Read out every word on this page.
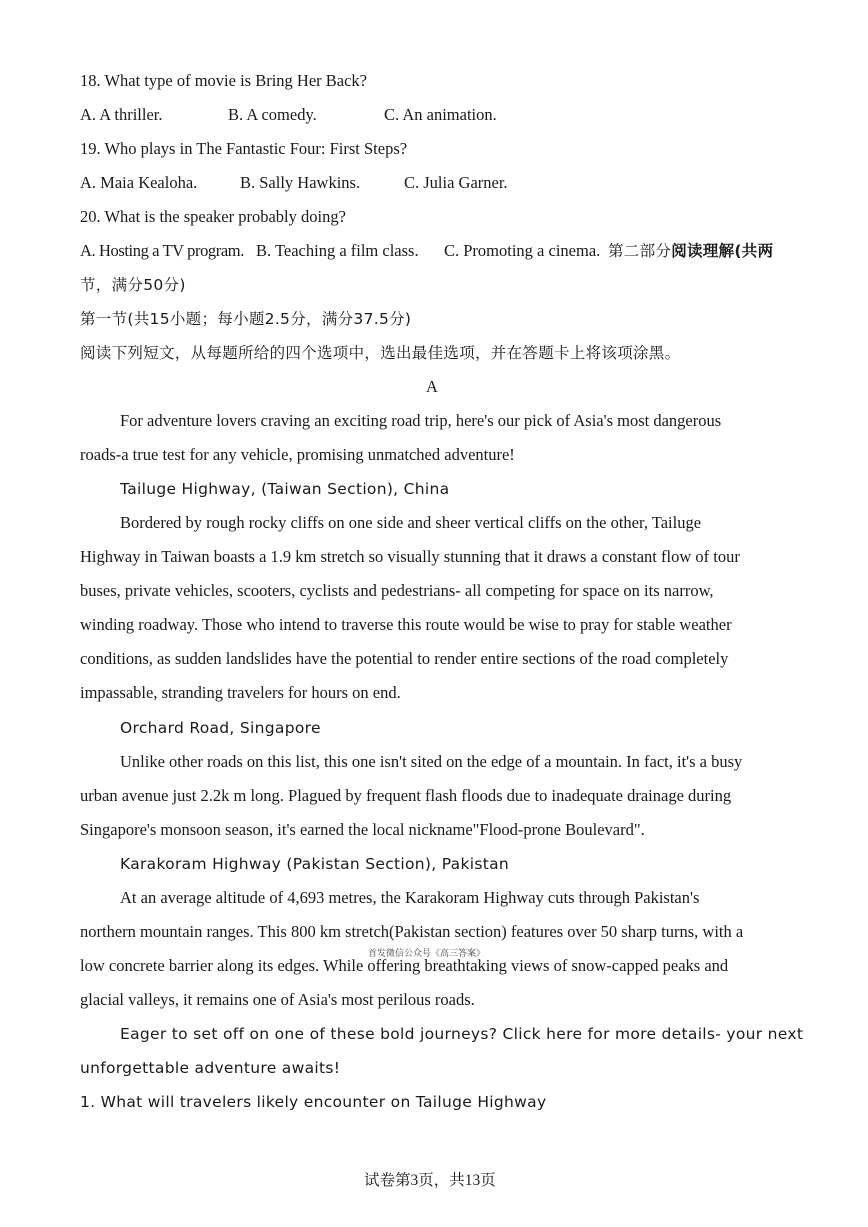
18. What type of movie is Bring Her Back?
A. A thriller.	B. A comedy.	C. An animation.
19. Who plays in The Fantastic Four: First Steps?
A. Maia Kealoha.	B. Sally Hawkins.	C. Julia Garner.
20. What is the speaker probably doing?
A. Hosting a TV program. B. Teaching a film class. C. Promoting a cinema. 第二部分阅读理解(共两
节，满分50分)
第一节(共15小题；每小题2.5分，满分37.5分)
阅读下列短文，从每题所给的四个选项中，选出最佳选项，并在答题卡上将该项涂黑。
A
For adventure lovers craving an exciting road trip, here's our pick of Asia's most dangerous
roads-a true test for any vehicle, promising unmatched adventure!
Tailuge Highway, (Taiwan Section), China
Bordered by rough rocky cliffs on one side and sheer vertical cliffs on the other, Tailuge
Highway in Taiwan boasts a 1.9 km stretch so visually stunning that it draws a constant flow of tour
buses, private vehicles, scooters, cyclists and pedestrians- all competing for space on its narrow,
winding roadway. Those who intend to traverse this route would be wise to pray for stable weather
conditions, as sudden landslides have the potential to render entire sections of the road completely
impassable, stranding travelers for hours on end.
Orchard Road, Singapore
Unlike other roads on this list, this one isn't sited on the edge of a mountain. In fact, it's a busy
urban avenue just 2.2k m long. Plagued by frequent flash floods due to inadequate drainage during
Singapore's monsoon season, it's earned the local nickname"Flood-prone Boulevard".
Karakoram Highway (Pakistan Section), Pakistan
At an average altitude of 4,693 metres, the Karakoram Highway cuts through Pakistan's
northern mountain ranges. This 800 km stretch(Pakistan section) features over 50 sharp turns, with a
首发微信公众号《高三答案》
low concrete barrier along its edges. While offering breathtaking views of snow-capped peaks and
glacial valleys, it remains one of Asia's most perilous roads.
Eager to set off on one of these bold journeys? Click here for more details- your next
unforgettable adventure awaits!
1. What will travelers likely encounter on Tailuge Highway
试卷第3页，共13页
